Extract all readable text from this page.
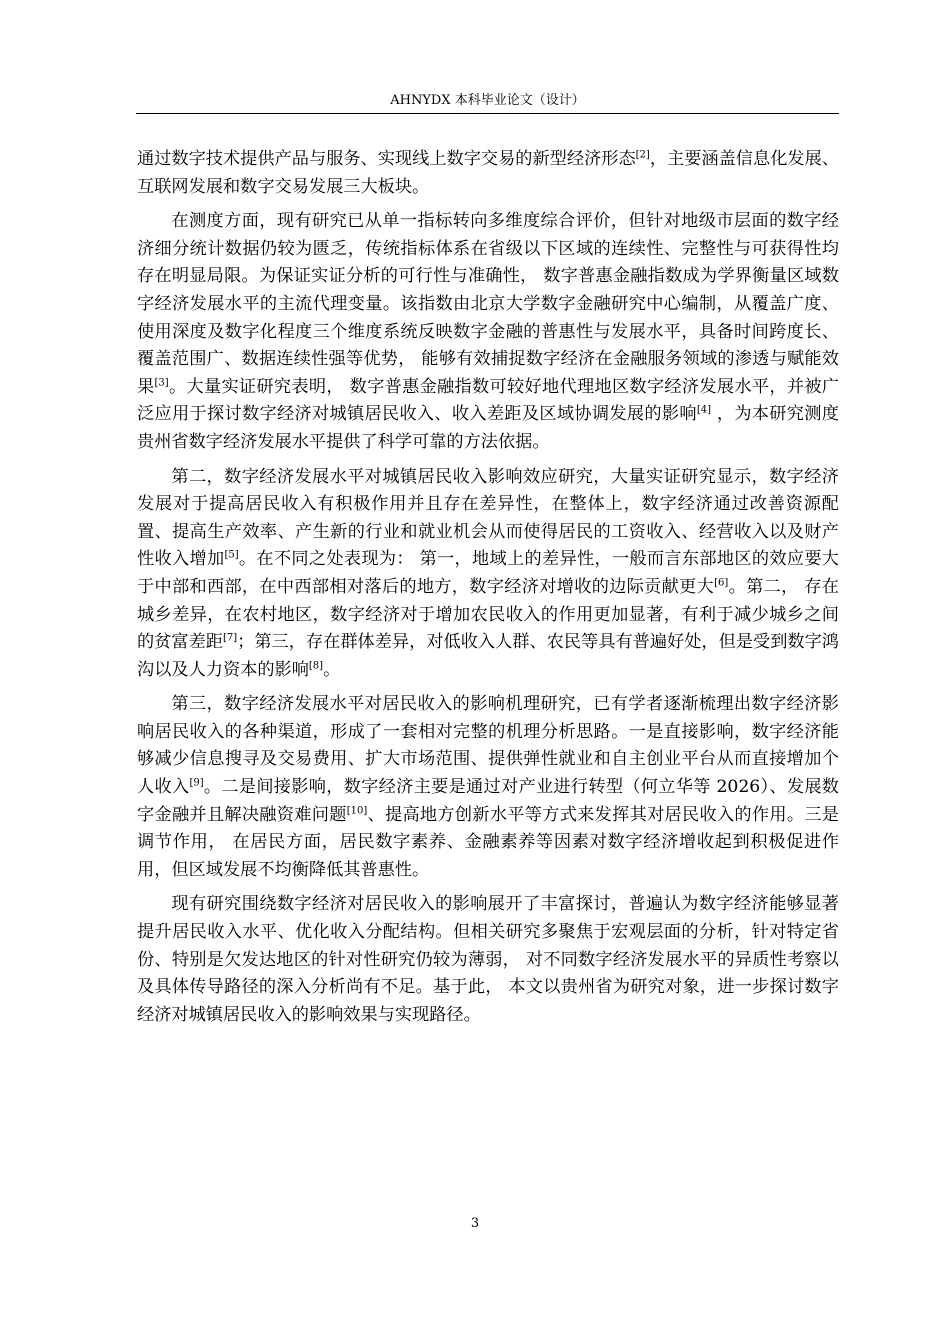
AHNYDX 本科毕业论文（设计）

通过数字技术提供产品与服务、实现线上数字交易的新型经济形态[2]，主要涵盖信息化发展、互联网发展和数字交易发展三大板块。

在测度方面，现有研究已从单一指标转向多维度综合评价，但针对地级市层面的数字经济细分统计数据仍较为匮乏，传统指标体系在省级以下区域的连续性、完整性与可获得性均存在明显局限。为保证实证分析的可行性与准确性， 数字普惠金融指数成为学界衡量区域数字经济发展水平的主流代理变量。该指数由北京大学数字金融研究中心编制，从覆盖广度、使用深度及数字化程度三个维度系统反映数字金融的普惠性与发展水平，具备时间跨度长、覆盖范围广、数据连续性强等优势， 能够有效捕捉数字经济在金融服务领域的渗透与赋能效果[3]。大量实证研究表明， 数字普惠金融指数可较好地代理地区数字经济发展水平，并被广泛应用于探讨数字经济对城镇居民收入、收入差距及区域协调发展的影响[4] ，为本研究测度贵州省数字经济发展水平提供了科学可靠的方法依据。

第二，数字经济发展水平对城镇居民收入影响效应研究，大量实证研究显示，数字经济发展对于提高居民收入有积极作用并且存在差异性，在整体上，数字经济通过改善资源配置、提高生产效率、产生新的行业和就业机会从而使得居民的工资收入、经营收入以及财产性收入增加[5]。在不同之处表现为： 第一，地域上的差异性，一般而言东部地区的效应要大于中部和西部，在中西部相对落后的地方，数字经济对增收的边际贡献更大[6]。第二， 存在城乡差异，在农村地区，数字经济对于增加农民收入的作用更加显著，有利于减少城乡之间的贫富差距[7]；第三，存在群体差异，对低收入人群、农民等具有普遍好处，但是受到数字鸿沟以及人力资本的影响[8]。

第三，数字经济发展水平对居民收入的影响机理研究，已有学者逐渐梳理出数字经济影响居民收入的各种渠道，形成了一套相对完整的机理分析思路。一是直接影响，数字经济能够减少信息搜寻及交易费用、扩大市场范围、提供弹性就业和自主创业平台从而直接增加个人收入[9]。二是间接影响，数字经济主要是通过对产业进行转型（何立华等 2026）、发展数字金融并且解决融资难问题[10]、提高地方创新水平等方式来发挥其对居民收入的作用。三是调节作用， 在居民方面，居民数字素养、金融素养等因素对数字经济增收起到积极促进作用，但区域发展不均衡降低其普惠性。

现有研究围绕数字经济对居民收入的影响展开了丰富探讨，普遍认为数字经济能够显著提升居民收入水平、优化收入分配结构。但相关研究多聚焦于宏观层面的分析，针对特定省份、特别是欠发达地区的针对性研究仍较为薄弱， 对不同数字经济发展水平的异质性考察以及具体传导路径的深入分析尚有不足。基于此， 本文以贵州省为研究对象，进一步探讨数字经济对城镇居民收入的影响效果与实现路径。

3
